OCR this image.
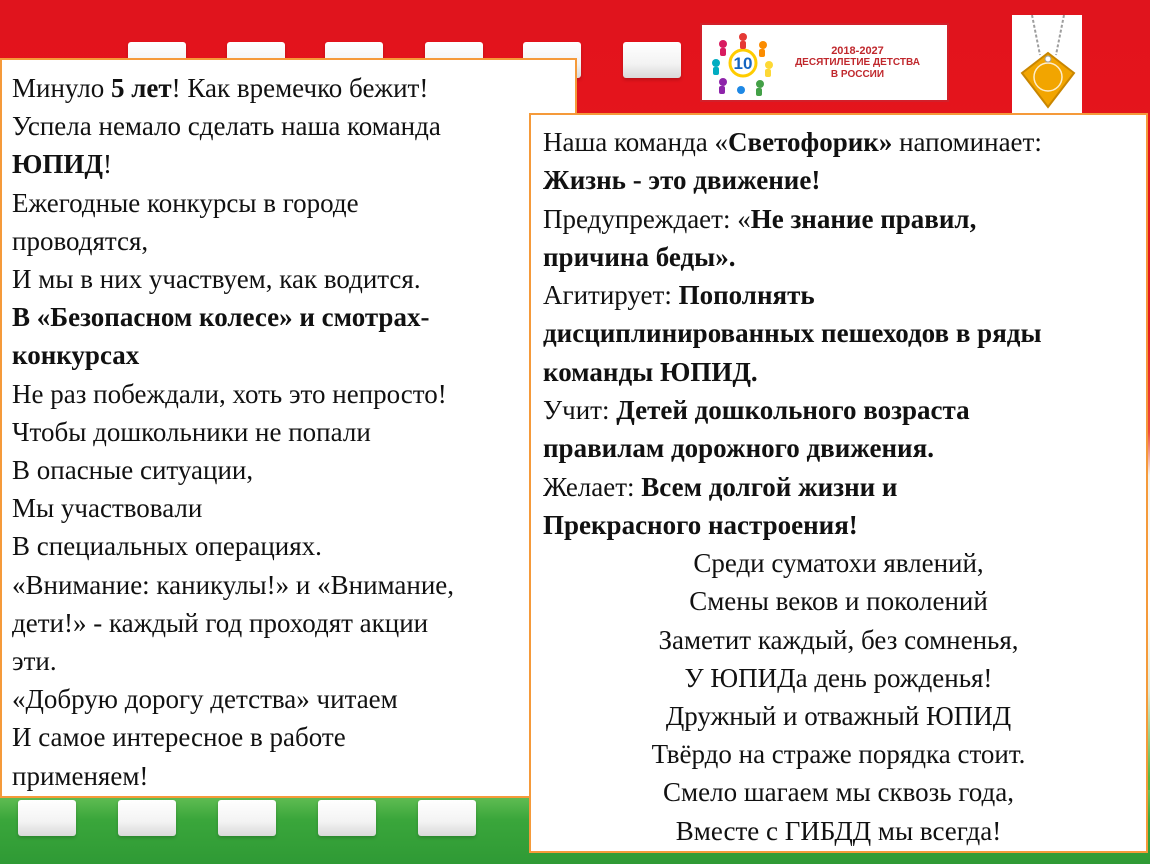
10
2018-2027
ДЕСЯТИЛЕТИЕ ДЕТСТВА
В РОССИИ

Минуло 5 лет! Как времечко бежит!

Успела немало сделать наша команда

ЮПИД!

Ежегодные конкурсы в городе

проводятся,

И мы в них участвуем, как водится.

В «Безопасном колесе» и смотрах-

конкурсах

Не раз побеждали, хоть это непросто!

Чтобы дошкольники не попали

В опасные ситуации,

Мы участвовали

В специальных операциях.

«Внимание: каникулы!» и «Внимание,

дети!» - каждый год проходят акции

эти.

«Добрую дорогу детства» читаем

И самое интересное в работе

применяем!

Наша команда «Светофорик» напоминает:

Жизнь - это движение!

Предупреждает: «Не знание правил,

причина беды».

Агитирует: Пополнять

дисциплинированных пешеходов в ряды

команды ЮПИД.

Учит: Детей дошкольного возраста

правилам дорожного движения.

Желает: Всем долгой жизни и

Прекрасного настроения!

Среди суматохи явлений,

Смены веков и поколений

Заметит каждый, без сомненья,

У ЮПИДа день рожденья!

Дружный и отважный ЮПИД

Твёрдо на страже порядка стоит.

Смело шагаем мы сквозь года,

Вместе с ГИБДД мы всегда!
